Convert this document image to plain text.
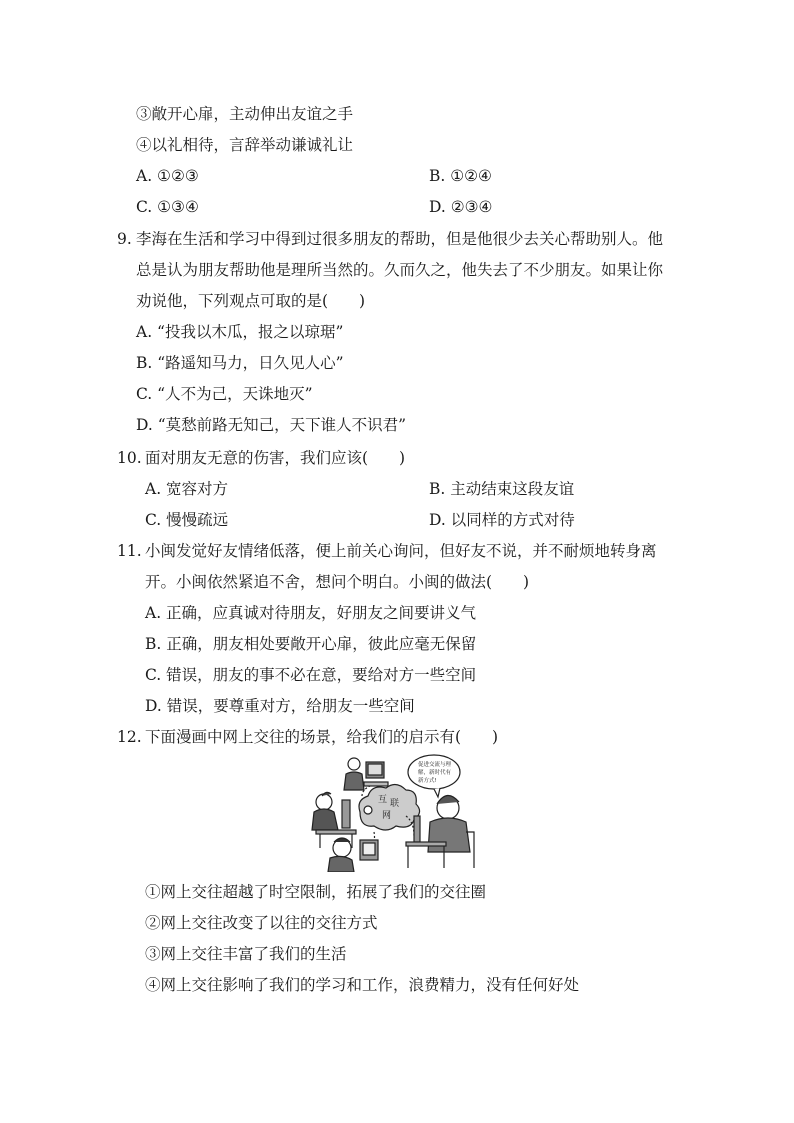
③敞开心扉，主动伸出友谊之手
④以礼相待，言辞举动谦诚礼让
A. ①②③	B. ①②④
C. ①③④	D. ②③④
9. 李海在生活和学习中得到过很多朋友的帮助，但是他很少去关心帮助别人。他
总是认为朋友帮助他是理所当然的。久而久之，他失去了不少朋友。如果让你
劝说他，下列观点可取的是(　　)
A. “投我以木瓜，报之以琼琚”
B. “路遥知马力，日久见人心”
C. “人不为己，天诛地灭”
D. “莫愁前路无知己，天下谁人不识君”
10. 面对朋友无意的伤害，我们应该(　　)
A. 宽容对方	B. 主动结束这段友谊
C. 慢慢疏远	D. 以同样的方式对待
11. 小闽发觉好友情绪低落，便上前关心询问，但好友不说，并不耐烦地转身离
开。小闽依然紧追不舍，想问个明白。小闽的做法(　　)
A. 正确，应真诚对待朋友，好朋友之间要讲义气
B. 正确，朋友相处要敞开心扉，彼此应毫无保留
C. 错误，朋友的事不必在意，要给对方一些空间
D. 错误，要尊重对方，给朋友一些空间
12. 下面漫画中网上交往的场景，给我们的启示有(　　)
促进交流与理
解，新时代有
新方式!
互 联
网
①网上交往超越了时空限制，拓展了我们的交往圈
②网上交往改变了以往的交往方式
③网上交往丰富了我们的生活
④网上交往影响了我们的学习和工作，浪费精力，没有任何好处
